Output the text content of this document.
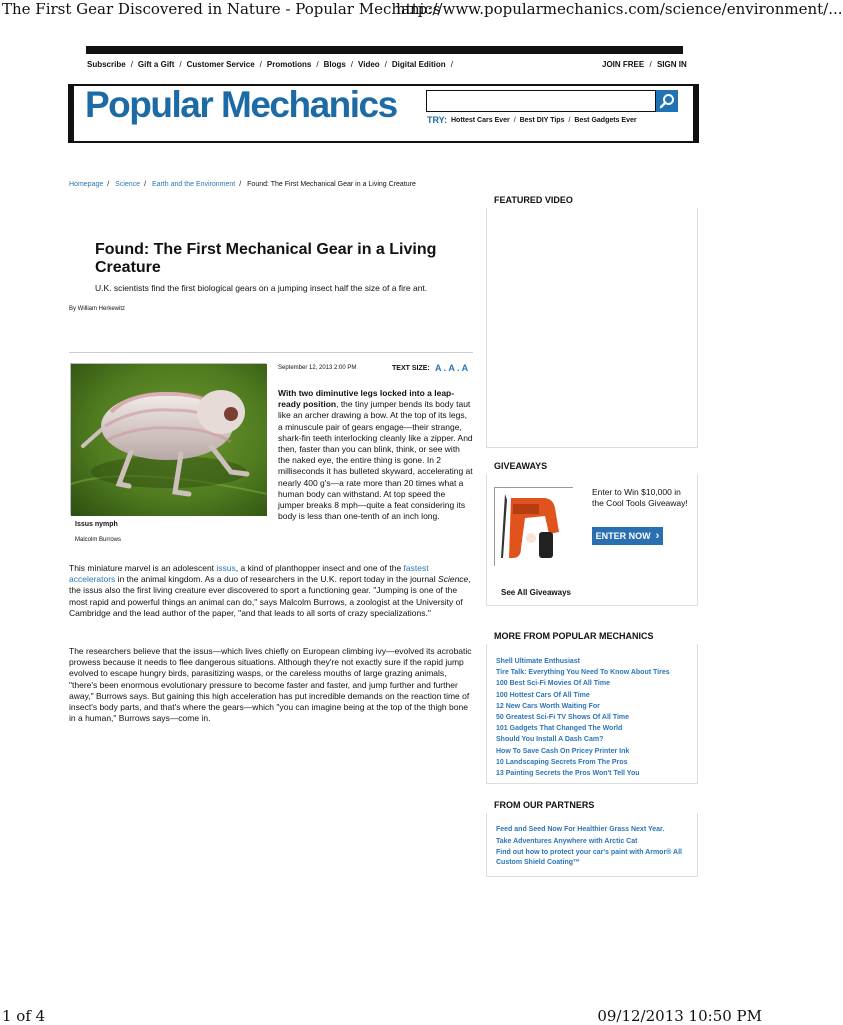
The First Gear Discovered in Nature - Popular Mechanics
http://www.popularmechanics.com/science/environment/...
Subscribe / Gift a Gift / Customer Service / Promotions / Blogs / Video / Digital Edition /	JOIN FREE / SIGN IN
Popular Mechanics	TRY: Hottest Cars Ever / Best DIY Tips / Best Gadgets Ever
Homepage / Science / Earth and the Environment / Found: The First Mechanical Gear in a Living Creature
Found: The First Mechanical Gear in a Living Creature
U.K. scientists find the first biological gears on a jumping insect half the size of a fire ant.
By William Herkewitz
Issus nymph
Malcolm Burrows
September 12, 2013 2:00 PM	TEXT SIZE: A . A . A
With two diminutive legs locked into a leap-ready position, the tiny jumper bends its body taut like an archer drawing a bow. At the top of its legs, a minuscule pair of gears engage—their strange, shark-fin teeth interlocking cleanly like a zipper. And then, faster than you can blink, think, or see with the naked eye, the entire thing is gone. In 2 milliseconds it has bulleted skyward, accelerating at nearly 400 g's—a rate more than 20 times what a human body can withstand. At top speed the jumper breaks 8 mph—quite a feat considering its body is less than one-tenth of an inch long.
This miniature marvel is an adolescent issus, a kind of planthopper insect and one of the fastest accelerators in the animal kingdom. As a duo of researchers in the U.K. report today in the journal Science, the issus also the first living creature ever discovered to sport a functioning gear. "Jumping is one of the most rapid and powerful things an animal can do," says Malcolm Burrows, a zoologist at the University of Cambridge and the lead author of the paper, "and that leads to all sorts of crazy specializations."
The researchers believe that the issus—which lives chiefly on European climbing ivy—evolved its acrobatic prowess because it needs to flee dangerous situations. Although they're not exactly sure if the rapid jump evolved to escape hungry birds, parasitizing wasps, or the careless mouths of large grazing animals, "there's been enormous evolutionary pressure to become faster and faster, and jump further and further away," Burrows says. But gaining this high acceleration has put incredible demands on the reaction time of insect's body parts, and that's where the gears—which "you can imagine being at the top of the thigh bone in a human," Burrows says—come in.
FEATURED VIDEO
GIVEAWAYS
Enter to Win $10,000 in the Cool Tools Giveaway!
ENTER NOW ›
See All Giveaways
MORE FROM POPULAR MECHANICS
Shell Ultimate Enthusiast
Tire Talk: Everything You Need To Know About Tires
100 Best Sci-Fi Movies Of All Time
100 Hottest Cars Of All Time
12 New Cars Worth Waiting For
50 Greatest Sci-Fi TV Shows Of All Time
101 Gadgets That Changed The World
Should You Install A Dash Cam?
How To Save Cash On Pricey Printer Ink
10 Landscaping Secrets From The Pros
13 Painting Secrets the Pros Won't Tell You
FROM OUR PARTNERS
Feed and Seed Now For Healthier Grass Next Year.
Take Adventures Anywhere with Arctic Cat
Find out how to protect your car's paint with Armor® All Custom Shield Coating™
1 of 4	09/12/2013 10:50 PM
